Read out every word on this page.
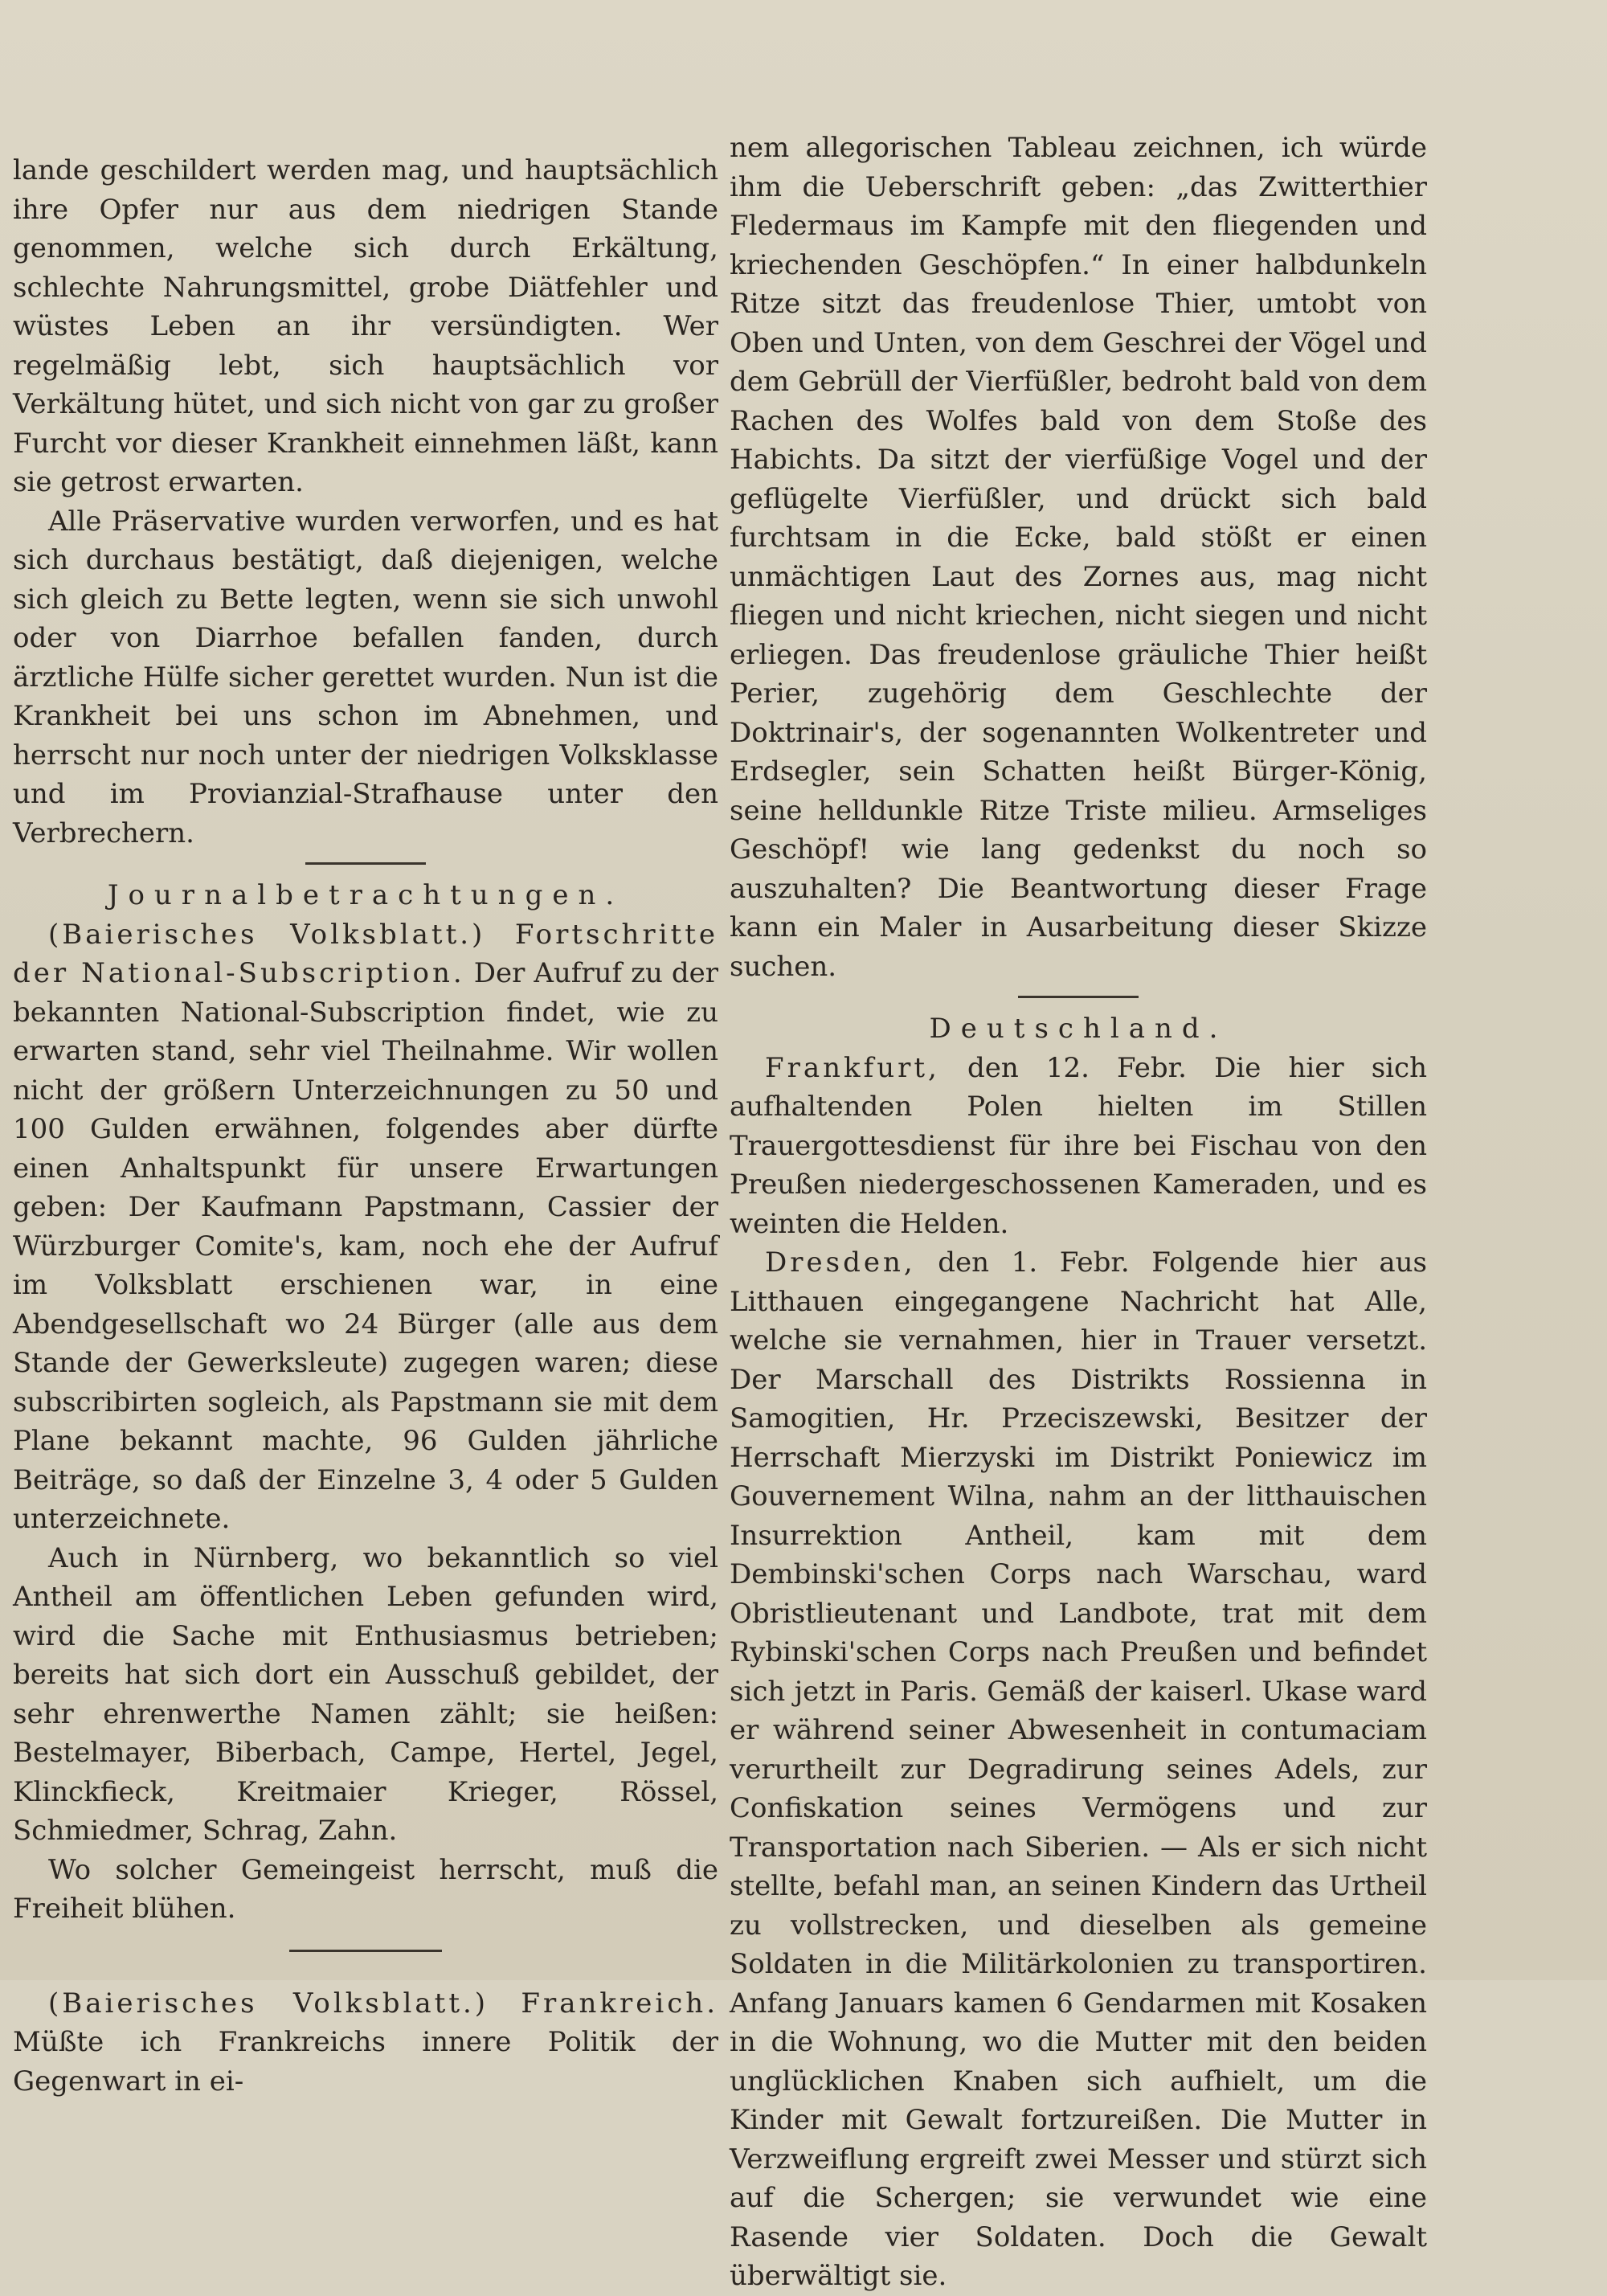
lande geschildert werden mag, und hauptsächlich ihre Opfer nur aus dem niedrigen Stande genommen, welche sich durch Erkältung, schlechte Nahrungsmittel, grobe Diätfehler und wüstes Leben an ihr versündigten. Wer regelmäßig lebt, sich hauptsächlich vor Verkältung hütet, und sich nicht von gar zu großer Furcht vor dieser Krankheit einnehmen läßt, kann sie getrost erwarten.

Alle Präservative wurden verworfen, und es hat sich durchaus bestätigt, daß diejenigen, welche sich gleich zu Bette legten, wenn sie sich unwohl oder von Diarrhoe befallen fanden, durch ärztliche Hülfe sicher gerettet wurden. Nun ist die Krankheit bei uns schon im Abnehmen, und herrscht nur noch unter der niedrigen Volksklasse und im Provianzial-Strafhause unter den Verbrechern.

Journalbetrachtungen.

(Baierisches Volksblatt.) Fortschritte der National-Subscription. Der Aufruf zu der bekannten National-Subscription findet, wie zu erwarten stand, sehr viel Theilnahme. Wir wollen nicht der größern Unterzeichnungen zu 50 und 100 Gulden erwähnen, folgendes aber dürfte einen Anhaltspunkt für unsere Erwartungen geben: Der Kaufmann Papstmann, Cassier der Würzburger Comite's, kam, noch ehe der Aufruf im Volksblatt erschienen war, in eine Abendgesellschaft wo 24 Bürger (alle aus dem Stande der Gewerksleute) zugegen waren; diese subscribirten sogleich, als Papstmann sie mit dem Plane bekannt machte, 96 Gulden jährliche Beiträge, so daß der Einzelne 3, 4 oder 5 Gulden unterzeichnete.

Auch in Nürnberg, wo bekanntlich so viel Antheil am öffentlichen Leben gefunden wird, wird die Sache mit Enthusiasmus betrieben; bereits hat sich dort ein Ausschuß gebildet, der sehr ehrenwerthe Namen zählt; sie heißen: Bestelmayer, Biberbach, Campe, Hertel, Jegel, Klinckfieck, Kreitmaier Krieger, Rössel, Schmiedmer, Schrag, Zahn.

Wo solcher Gemeingeist herrscht, muß die Freiheit blühen.

(Baierisches Volksblatt.) Frankreich. Müßte ich Frankreichs innere Politik der Gegenwart in ei-

nem allegorischen Tableau zeichnen, ich würde ihm die Ueberschrift geben: „das Zwitterthier Fledermaus im Kampfe mit den fliegenden und kriechenden Geschöpfen.“ In einer halbdunkeln Ritze sitzt das freudenlose Thier, umtobt von Oben und Unten, von dem Geschrei der Vögel und dem Gebrüll der Vierfüßler, bedroht bald von dem Rachen des Wolfes bald von dem Stoße des Habichts. Da sitzt der vierfüßige Vogel und der geflügelte Vierfüßler, und drückt sich bald furchtsam in die Ecke, bald stößt er einen unmächtigen Laut des Zornes aus, mag nicht fliegen und nicht kriechen, nicht siegen und nicht erliegen. Das freudenlose gräuliche Thier heißt Perier, zugehörig dem Geschlechte der Doktrinair's, der sogenannten Wolkentreter und Erdsegler, sein Schatten heißt Bürger-König, seine helldunkle Ritze Triste milieu. Armseliges Geschöpf! wie lang gedenkst du noch so auszuhalten? Die Beantwortung dieser Frage kann ein Maler in Ausarbeitung dieser Skizze suchen.

Deutschland.

Frankfurt, den 12. Febr. Die hier sich aufhaltenden Polen hielten im Stillen Trauergottesdienst für ihre bei Fischau von den Preußen niedergeschossenen Kameraden, und es weinten die Helden.

Dresden, den 1. Febr. Folgende hier aus Litthauen eingegangene Nachricht hat Alle, welche sie vernahmen, hier in Trauer versetzt. Der Marschall des Distrikts Rossienna in Samogitien, Hr. Przeciszewski, Besitzer der Herrschaft Mierzyski im Distrikt Poniewicz im Gouvernement Wilna, nahm an der litthauischen Insurrektion Antheil, kam mit dem Dembinski'schen Corps nach Warschau, ward Obristlieutenant und Landbote, trat mit dem Rybinski'schen Corps nach Preußen und befindet sich jetzt in Paris. Gemäß der kaiserl. Ukase ward er während seiner Abwesenheit in contumaciam verurtheilt zur Degradirung seines Adels, zur Confiskation seines Vermögens und zur Transportation nach Siberien. — Als er sich nicht stellte, befahl man, an seinen Kindern das Urtheil zu vollstrecken, und dieselben als gemeine Soldaten in die Militärkolonien zu transportiren. Anfang Januars kamen 6 Gendarmen mit Kosaken in die Wohnung, wo die Mutter mit den beiden unglücklichen Knaben sich aufhielt, um die Kinder mit Gewalt fortzureißen. Die Mutter in Verzweiflung ergreift zwei Messer und stürzt sich auf die Schergen; sie verwundet wie eine Rasende vier Soldaten. Doch die Gewalt überwältigt sie.
